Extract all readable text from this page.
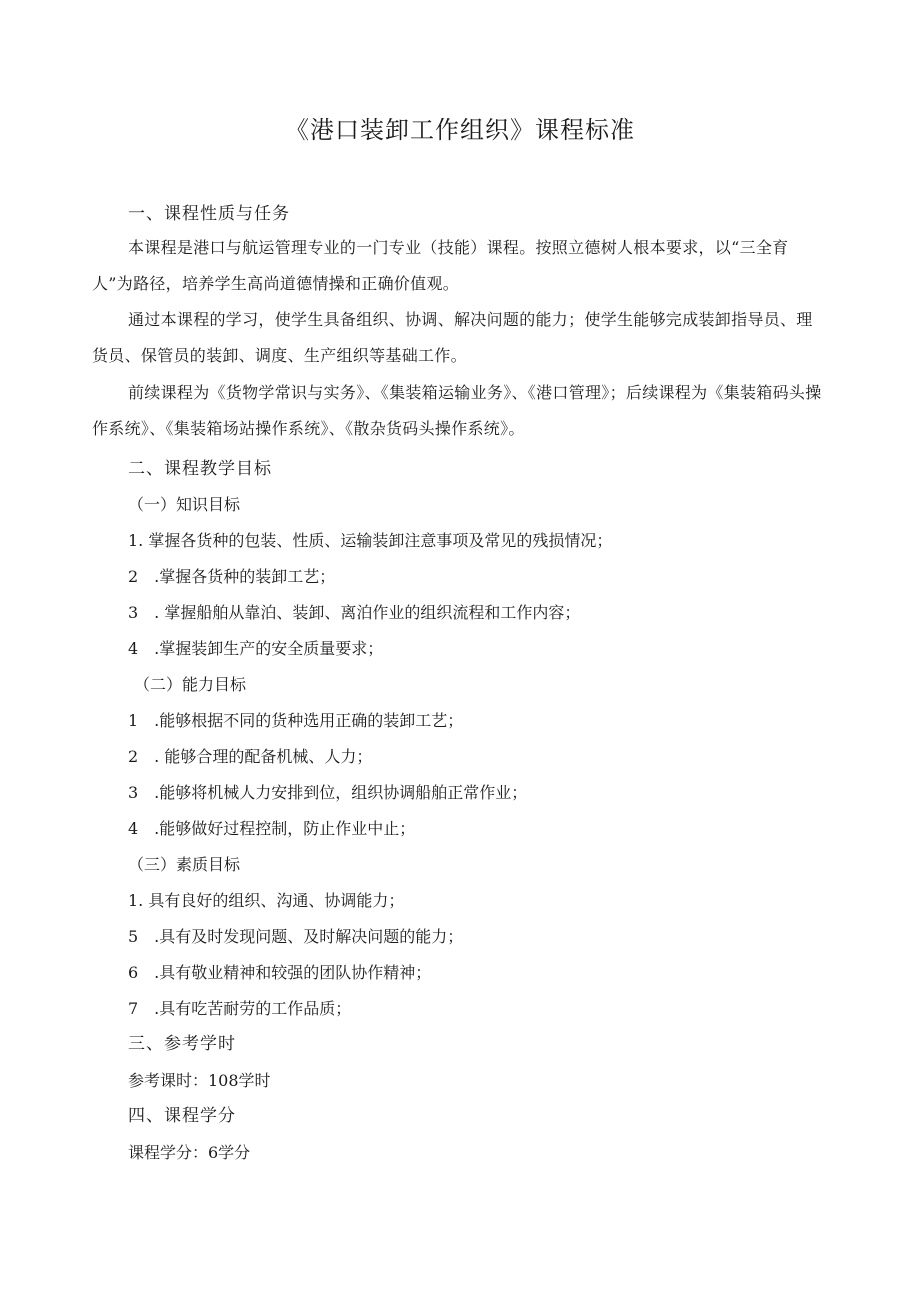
《港口装卸工作组织》课程标准
一、课程性质与任务
本课程是港口与航运管理专业的一门专业（技能）课程。按照立德树人根本要求，以“三全育人”为路径，培养学生高尚道德情操和正确价值观。
通过本课程的学习，使学生具备组织、协调、解决问题的能力；使学生能够完成装卸指导员、理货员、保管员的装卸、调度、生产组织等基础工作。
前续课程为《货物学常识与实务》、《集装箱运输业务》、《港口管理》；后续课程为《集装箱码头操作系统》、《集装箱场站操作系统》、《散杂货码头操作系统》。
二、课程教学目标
（一）知识目标
1. 掌握各货种的包装、性质、运输装卸注意事项及常见的残损情况；
2　.掌握各货种的装卸工艺；
3　. 掌握船舶从靠泊、装卸、离泊作业的组织流程和工作内容；
4　.掌握装卸生产的安全质量要求；
（二）能力目标
1　.能够根据不同的货种选用正确的装卸工艺；
2　. 能够合理的配备机械、人力；
3　.能够将机械人力安排到位，组织协调船舶正常作业；
4　.能够做好过程控制，防止作业中止；
（三）素质目标
1. 具有良好的组织、沟通、协调能力；
5　.具有及时发现问题、及时解决问题的能力；
6　.具有敬业精神和较强的团队协作精神；
7　.具有吃苦耐劳的工作品质；
三、参考学时
参考课时：108学时
四、课程学分
课程学分：6学分
